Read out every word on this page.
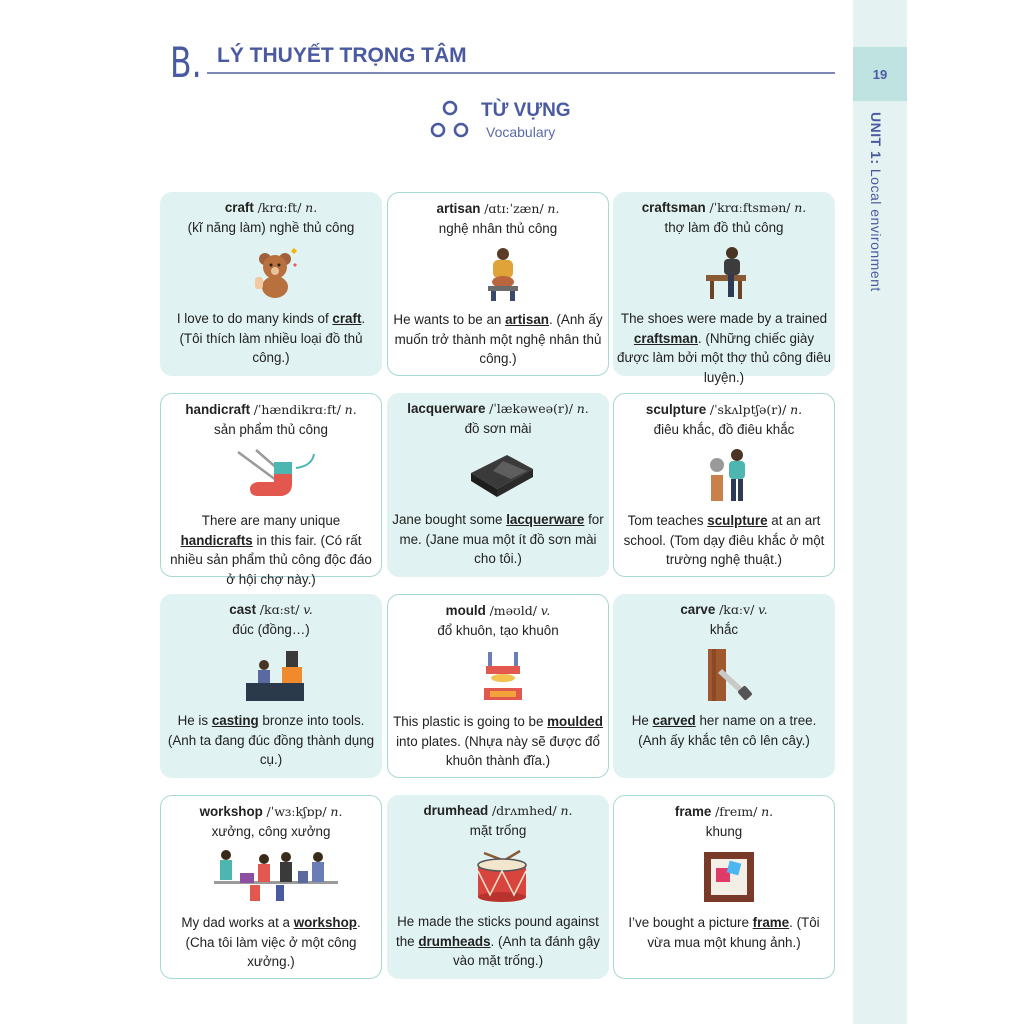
19
UNIT 1: Local environment
B. LÝ THUYẾT TRỌNG TÂM
TỪ VỰNG
Vocabulary
craft /krɑːft/ n.
(kĩ năng làm) nghề thủ công
I love to do many kinds of craft. (Tôi thích làm nhiều loại đồ thủ công.)
artisan /ɑtɪːˈzæn/ n.
nghệ nhân thủ công
He wants to be an artisan. (Anh ấy muốn trở thành một nghệ nhân thủ công.)
craftsman /ˈkrɑːftsmən/ n.
thợ làm đồ thủ công
The shoes were made by a trained craftsman. (Những chiếc giày được làm bởi một thợ thủ công điêu luyện.)
handicraft /ˈhændikrɑːft/ n.
sản phẩm thủ công
There are many unique handicrafts in this fair. (Có rất nhiều sản phẩm thủ công độc đáo ở hội chợ này.)
lacquerware /ˈlækəweə(r)/ n.
đồ sơn mài
Jane bought some lacquerware for me. (Jane mua một ít đồ sơn mài cho tôi.)
sculpture /ˈskʌlptʃə(r)/ n.
điêu khắc, đồ điêu khắc
Tom teaches sculpture at an art school. (Tom dạy điêu khắc ở một trường nghệ thuật.)
cast /kɑːst/ v.
đúc (đồng…)
He is casting bronze into tools. (Anh ta đang đúc đồng thành dụng cụ.)
mould /məʊld/ v.
đổ khuôn, tạo khuôn
This plastic is going to be moulded into plates. (Nhựa này sẽ được đổ khuôn thành đĩa.)
carve /kɑːv/ v.
khắc
He carved her name on a tree. (Anh ấy khắc tên cô lên cây.)
workshop /ˈwɜːkʃɒp/ n.
xưởng, công xưởng
My dad works at a workshop. (Cha tôi làm việc ở một công xưởng.)
drumhead /drʌmhed/ n.
mặt trống
He made the sticks pound against the drumheads. (Anh ta đánh gậy vào mặt trống.)
frame /freɪm/ n.
khung
I’ve bought a picture frame. (Tôi vừa mua một khung ảnh.)
